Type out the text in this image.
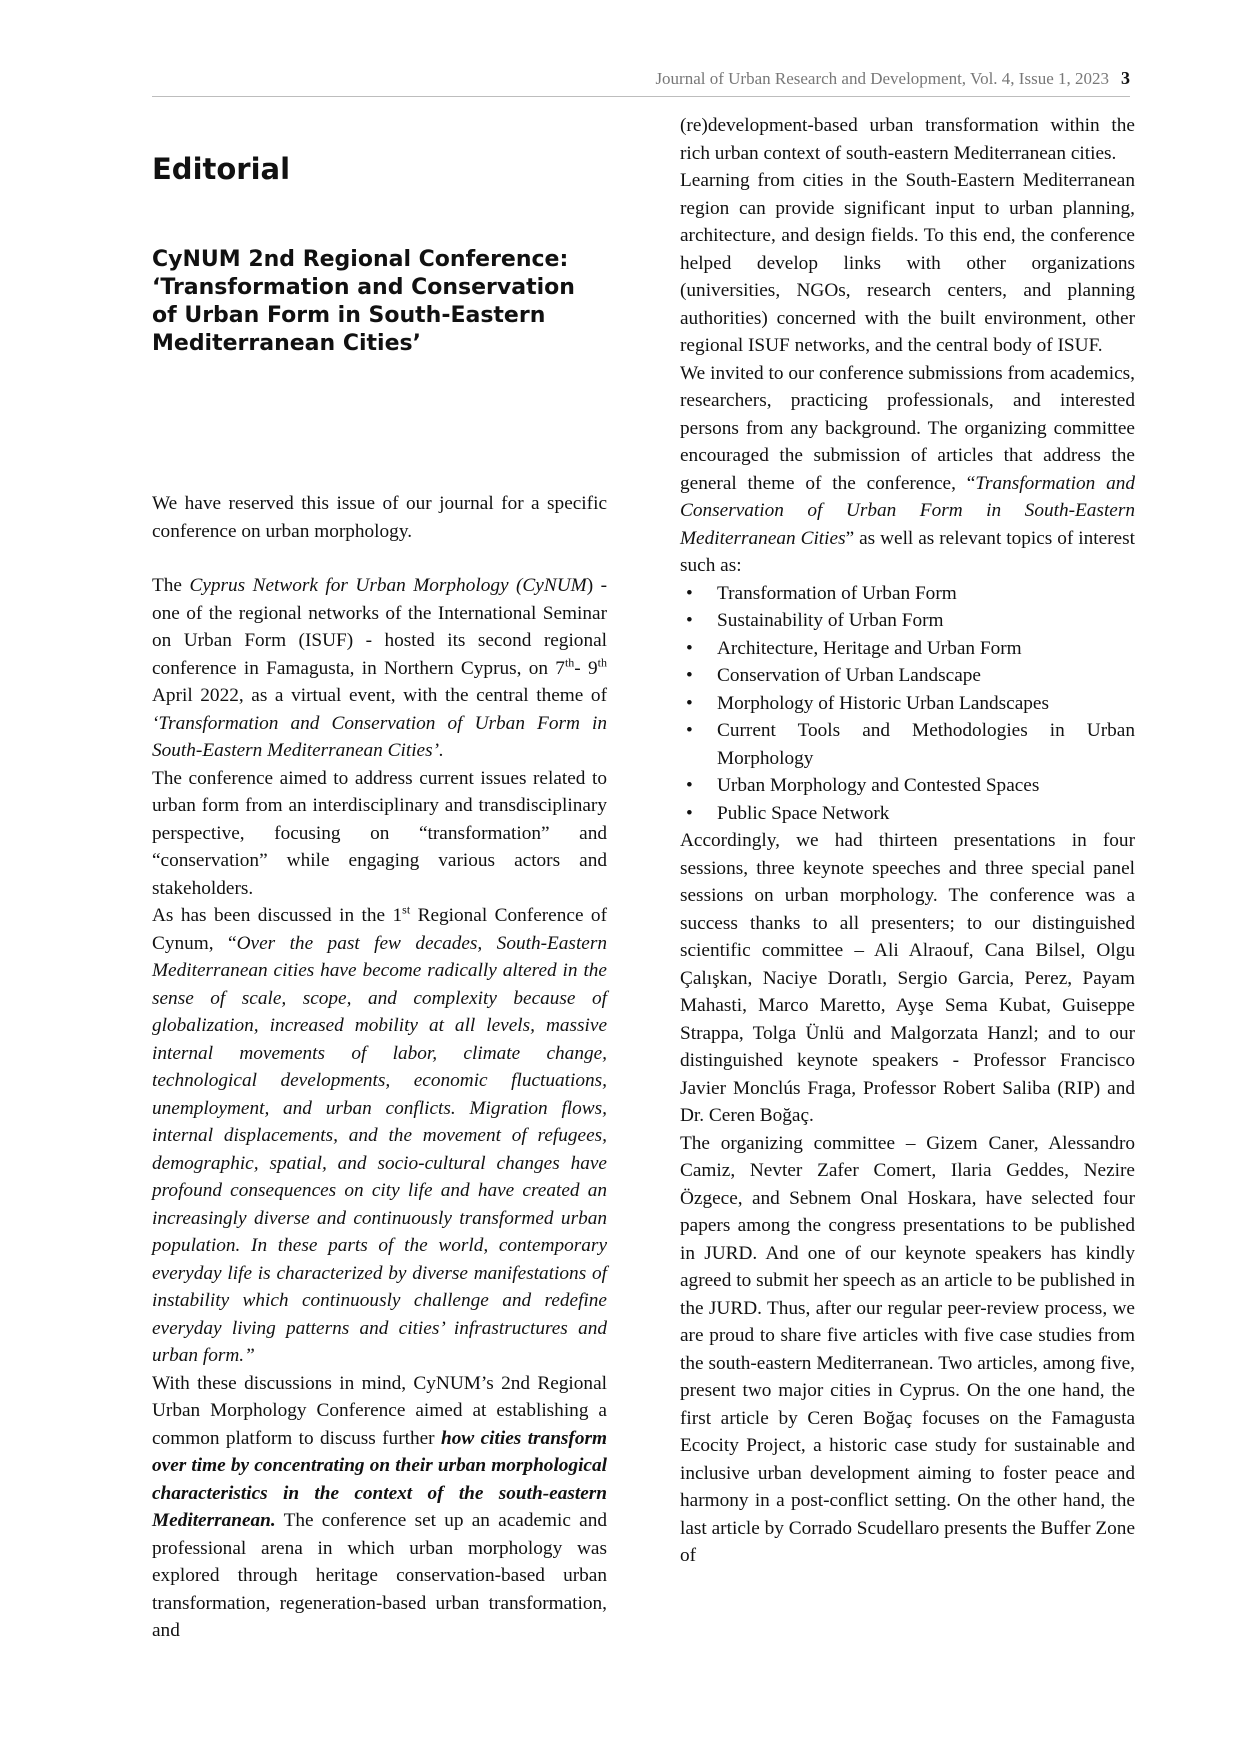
Journal of Urban Research and Development, Vol. 4, Issue 1, 2023 3
Editorial
CyNUM 2nd Regional Conference: ‘Transformation and Conservation of Urban Form in South-Eastern Mediterranean Cities’

We have reserved this issue of our journal for a specific conference on urban morphology.

The Cyprus Network for Urban Morphology (CyNUM) - one of the regional networks of the International Seminar on Urban Form (ISUF) - hosted its second regional conference in Famagusta, in Northern Cyprus, on 7th- 9th April 2022, as a virtual event, with the central theme of ‘Transformation and Conservation of Urban Form in South-Eastern Mediterranean Cities’.

The conference aimed to address current issues related to urban form from an interdisciplinary and transdisciplinary perspective, focusing on “transformation” and “conservation” while engaging various actors and stakeholders.

As has been discussed in the 1st Regional Conference of Cynum, “Over the past few decades, South-Eastern Mediterranean cities have become radically altered in the sense of scale, scope, and complexity because of globalization, increased mobility at all levels, massive internal movements of labor, climate change, technological developments, economic fluctuations, unemployment, and urban conflicts. Migration flows, internal displacements, and the movement of refugees, demographic, spatial, and socio-cultural changes have profound consequences on city life and have created an increasingly diverse and continuously transformed urban population. In these parts of the world, contemporary everyday life is characterized by diverse manifestations of instability which continuously challenge and redefine everyday living patterns and cities’ infrastructures and urban form.”

With these discussions in mind, CyNUM’s 2nd Regional Urban Morphology Conference aimed at establishing a common platform to discuss further how cities transform over time by concentrating on their urban morphological characteristics in the context of the south-eastern Mediterranean. The conference set up an academic and professional arena in which urban morphology was explored through heritage conservation-based urban transformation, regeneration-based urban transformation, and

(re)development-based urban transformation within the rich urban context of south-eastern Mediterranean cities.

Learning from cities in the South-Eastern Mediterranean region can provide significant input to urban planning, architecture, and design fields. To this end, the conference helped develop links with other organizations (universities, NGOs, research centers, and planning authorities) concerned with the built environment, other regional ISUF networks, and the central body of ISUF.

We invited to our conference submissions from academics, researchers, practicing professionals, and interested persons from any background. The organizing committee encouraged the submission of articles that address the general theme of the conference, “Transformation and Conservation of Urban Form in South-Eastern Mediterranean Cities” as well as relevant topics of interest such as:

• Transformation of Urban Form
• Sustainability of Urban Form
• Architecture, Heritage and Urban Form
• Conservation of Urban Landscape
• Morphology of Historic Urban Landscapes
• Current Tools and Methodologies in Urban Morphology
• Urban Morphology and Contested Spaces
• Public Space Network

Accordingly, we had thirteen presentations in four sessions, three keynote speeches and three special panel sessions on urban morphology. The conference was a success thanks to all presenters; to our distinguished scientific committee – Ali Alraouf, Cana Bilsel, Olgu Çalışkan, Naciye Doratlı, Sergio Garcia, Perez, Payam Mahasti, Marco Maretto, Ayşe Sema Kubat, Guiseppe Strappa, Tolga Ünlü and Malgorzata Hanzl; and to our distinguished keynote speakers - Professor Francisco Javier Monclús Fraga, Professor Robert Saliba (RIP) and Dr. Ceren Boğaç.

The organizing committee – Gizem Caner, Alessandro Camiz, Nevter Zafer Comert, Ilaria Geddes, Nezire Özgece, and Sebnem Onal Hoskara, have selected four papers among the congress presentations to be published in JURD. And one of our keynote speakers has kindly agreed to submit her speech as an article to be published in the JURD. Thus, after our regular peer-review process, we are proud to share five articles with five case studies from the south-eastern Mediterranean. Two articles, among five, present two major cities in Cyprus. On the one hand, the first article by Ceren Boğaç focuses on the Famagusta Ecocity Project, a historic case study for sustainable and inclusive urban development aiming to foster peace and harmony in a post-conflict setting. On the other hand, the last article by Corrado Scudellaro presents the Buffer Zone of
